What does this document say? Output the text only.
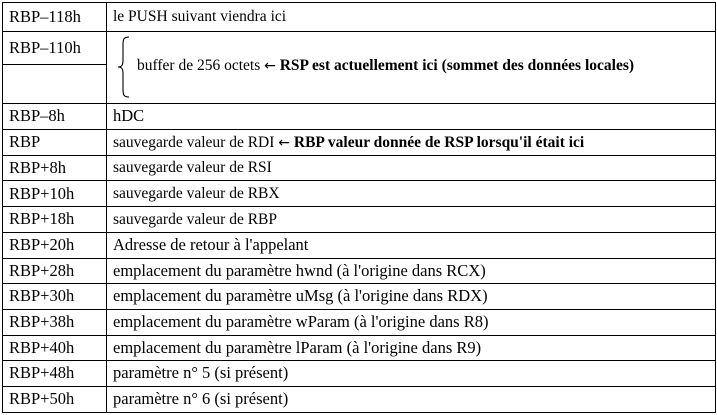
RBP–118h	le PUSH suivant viendra ici
RBP–110h	buffer de 256 octets ← RSP est actuellement ici (sommet des données locales)

RBP–8h	hDC
RBP	sauvegarde valeur de RDI ← RBP valeur donnée de RSP lorsqu'il était ici
RBP+8h	sauvegarde valeur de RSI
RBP+10h	sauvegarde valeur de RBX
RBP+18h	sauvegarde valeur de RBP
RBP+20h	Adresse de retour à l'appelant
RBP+28h	emplacement du paramètre hwnd (à l'origine dans RCX)
RBP+30h	emplacement du paramètre uMsg (à l'origine dans RDX)
RBP+38h	emplacement du paramètre wParam (à l'origine dans R8)
RBP+40h	emplacement du paramètre lParam (à l'origine dans R9)
RBP+48h	paramètre n° 5 (si présent)
RBP+50h	paramètre n° 6 (si présent)
